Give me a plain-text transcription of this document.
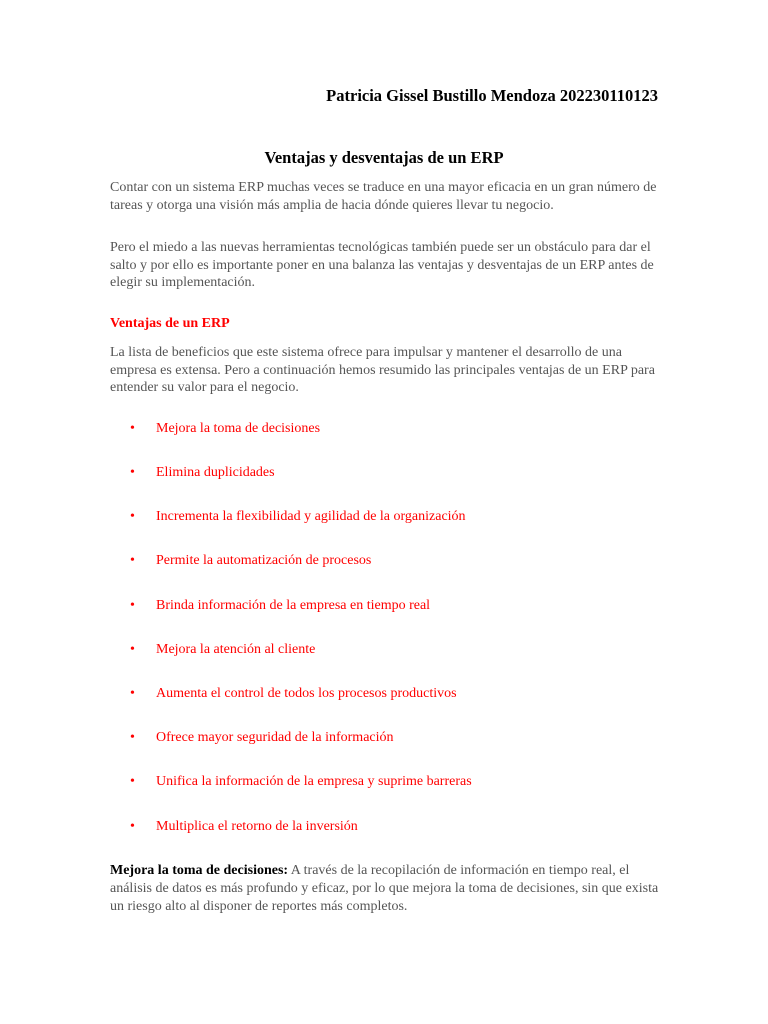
Patricia Gissel Bustillo Mendoza 202230110123
Ventajas y desventajas de un ERP

Contar con un sistema ERP muchas veces se traduce en una mayor eficacia en un gran número de tareas y otorga una visión más amplia de hacia dónde quieres llevar tu negocio.

Pero el miedo a las nuevas herramientas tecnológicas también puede ser un obstáculo para dar el salto y por ello es importante poner en una balanza las ventajas y desventajas de un ERP antes de elegir su implementación.

Ventajas de un ERP

La lista de beneficios que este sistema ofrece para impulsar y mantener el desarrollo de una empresa es extensa. Pero a continuación hemos resumido las principales ventajas de un ERP para entender su valor para el negocio.

• Mejora la toma de decisiones
• Elimina duplicidades
• Incrementa la flexibilidad y agilidad de la organización
• Permite la automatización de procesos
• Brinda información de la empresa en tiempo real
• Mejora la atención al cliente
• Aumenta el control de todos los procesos productivos
• Ofrece mayor seguridad de la información
• Unifica la información de la empresa y suprime barreras
• Multiplica el retorno de la inversión

Mejora la toma de decisiones: A través de la recopilación de información en tiempo real, el análisis de datos es más profundo y eficaz, por lo que mejora la toma de decisiones, sin que exista un riesgo alto al disponer de reportes más completos.
